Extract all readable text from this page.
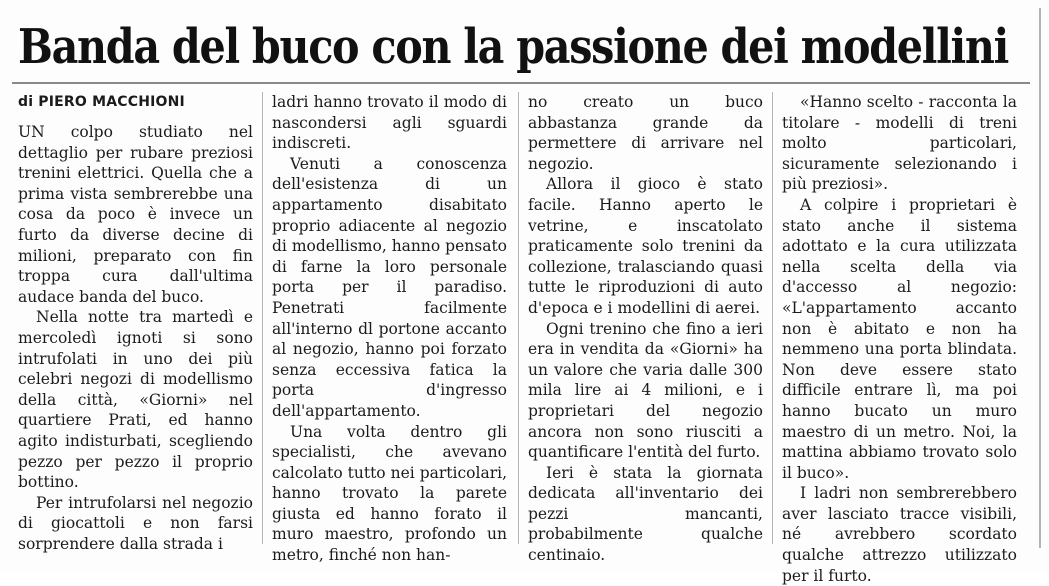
Banda del buco con la passione dei modellini
di PIERO MACCHIONI

UN colpo studiato nel dettaglio per rubare preziosi trenini elettrici. Quella che a prima vista sembrerebbe una cosa da poco è invece un furto da diverse decine di milioni, preparato con fin troppa cura dall'ultima audace banda del buco.

Nella notte tra martedì e mercoledì ignoti si sono intrufolati in uno dei più celebri negozi di modellismo della città, «Giorni» nel quartiere Prati, ed hanno agito indisturbati, scegliendo pezzo per pezzo il proprio bottino.

Per intrufolarsi nel negozio di giocattoli e non farsi sorprendere dalla strada i

ladri hanno trovato il modo di nascondersi agli sguardi indiscreti.

Venuti a conoscenza dell'esistenza di un appartamento disabitato proprio adiacente al negozio di modellismo, hanno pensato di farne la loro personale porta per il paradiso. Penetrati facilmente all'interno dl portone accanto al negozio, hanno poi forzato senza eccessiva fatica la porta d'ingresso dell'appartamento.

Una volta dentro gli specialisti, che avevano calcolato tutto nei particolari, hanno trovato la parete giusta ed hanno forato il muro maestro, profondo un metro, finché non han-

no creato un buco abbastanza grande da permettere di arrivare nel negozio.

Allora il gioco è stato facile. Hanno aperto le vetrine, e inscatolato praticamente solo trenini da collezione, tralasciando quasi tutte le riproduzioni di auto d'epoca e i modellini di aerei.

Ogni trenino che fino a ieri era in vendita da «Giorni» ha un valore che varia dalle 300 mila lire ai 4 milioni, e i proprietari del negozio ancora non sono riusciti a quantificare l'entità del furto.

Ieri è stata la giornata dedicata all'inventario dei pezzi mancanti, probabilmente qualche centinaio.

«Hanno scelto - racconta la titolare - modelli di treni molto particolari, sicuramente selezionando i più preziosi».

A colpire i proprietari è stato anche il sistema adottato e la cura utilizzata nella scelta della via d'accesso al negozio: «L'appartamento accanto non è abitato e non ha nemmeno una porta blindata. Non deve essere stato difficile entrare lì, ma poi hanno bucato un muro maestro di un metro. Noi, la mattina abbiamo trovato solo il buco».

I ladri non sembrerebbero aver lasciato tracce visibili, né avrebbero scordato qualche attrezzo utilizzato per il furto.
